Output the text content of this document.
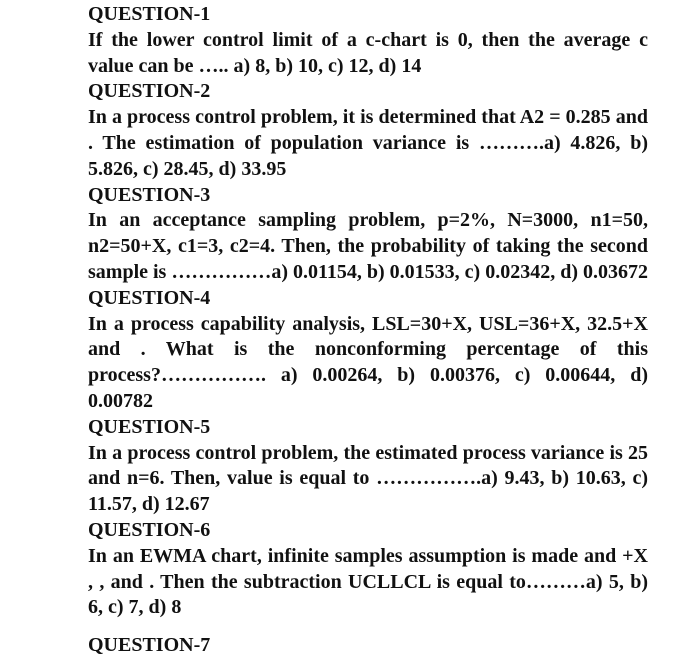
QUESTION-1
If the lower control limit of a c-chart is 0, then the average c value can be ….. a) 8, b) 10, c) 12, d) 14
QUESTION-2
In a process control problem, it is determined that A2 = 0.285 and . The estimation of population variance is ……….a) 4.826, b) 5.826, c) 28.45, d) 33.95
QUESTION-3
In an acceptance sampling problem, p=2%, N=3000, n1=50, n2=50+X, c1=3, c2=4. Then, the probability of taking the second sample is ……………a) 0.01154, b) 0.01533, c) 0.02342, d) 0.03672
QUESTION-4
In a process capability analysis, LSL=30+X, USL=36+X, 32.5+X and . What is the nonconforming percentage of this process?……………. a) 0.00264, b) 0.00376, c) 0.00644, d) 0.00782
QUESTION-5
In a process control problem, the estimated process variance is 25 and n=6. Then, value is equal to …………….a) 9.43, b) 10.63, c) 11.57, d) 12.67
QUESTION-6
In an EWMA chart, infinite samples assumption is made and +X , , and . Then the subtraction UCLLCL is equal to………a) 5, b) 6, c) 7, d) 8
QUESTION-7
